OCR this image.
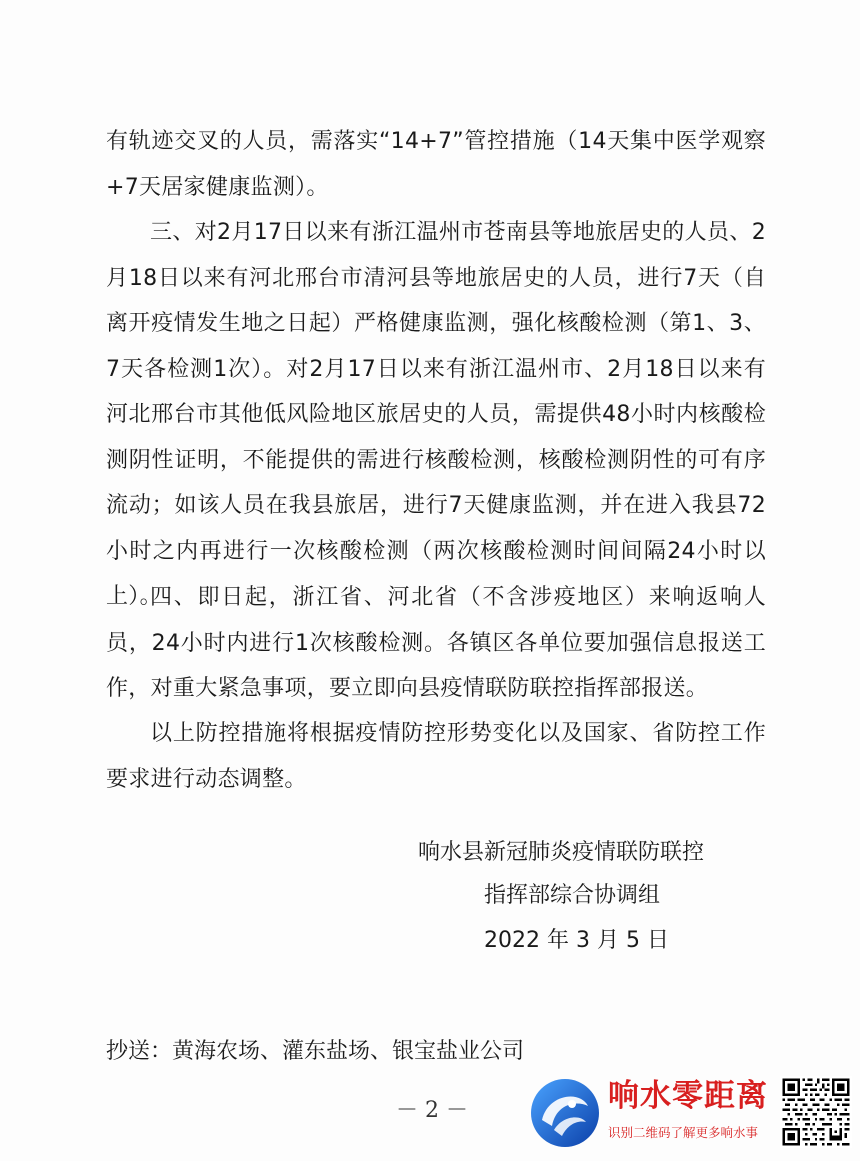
有轨迹交叉的人员，需落实“14+7”管控措施（14天集中医学观察+7天居家健康监测）。

三、对2月17日以来有浙江温州市苍南县等地旅居史的人员、2月18日以来有河北邢台市清河县等地旅居史的人员，进行7天（自离开疫情发生地之日起）严格健康监测，强化核酸检测（第1、3、7天各检测1次）。对2月17日以来有浙江温州市、2月18日以来有河北邢台市其他低风险地区旅居史的人员，需提供48小时内核酸检测阴性证明，不能提供的需进行核酸检测，核酸检测阴性的可有序流动；如该人员在我县旅居，进行7天健康监测，并在进入我县72小时之内再进行一次核酸检测（两次核酸检测时间间隔24小时以上）。

四、即日起，浙江省、河北省（不含涉疫地区）来响返响人员，24小时内进行1次核酸检测。各镇区各单位要加强信息报送工作，对重大紧急事项，要立即向县疫情联防联控指挥部报送。

以上防控措施将根据疫情防控形势变化以及国家、省防控工作要求进行动态调整。

响水县新冠肺炎疫情联防联控

指挥部综合协调组

2022 年 3 月 5 日

抄送：黄海农场、灌东盐场、银宝盐业公司

－ 2 －	响水零距离
识别二维码了解更多响水事
